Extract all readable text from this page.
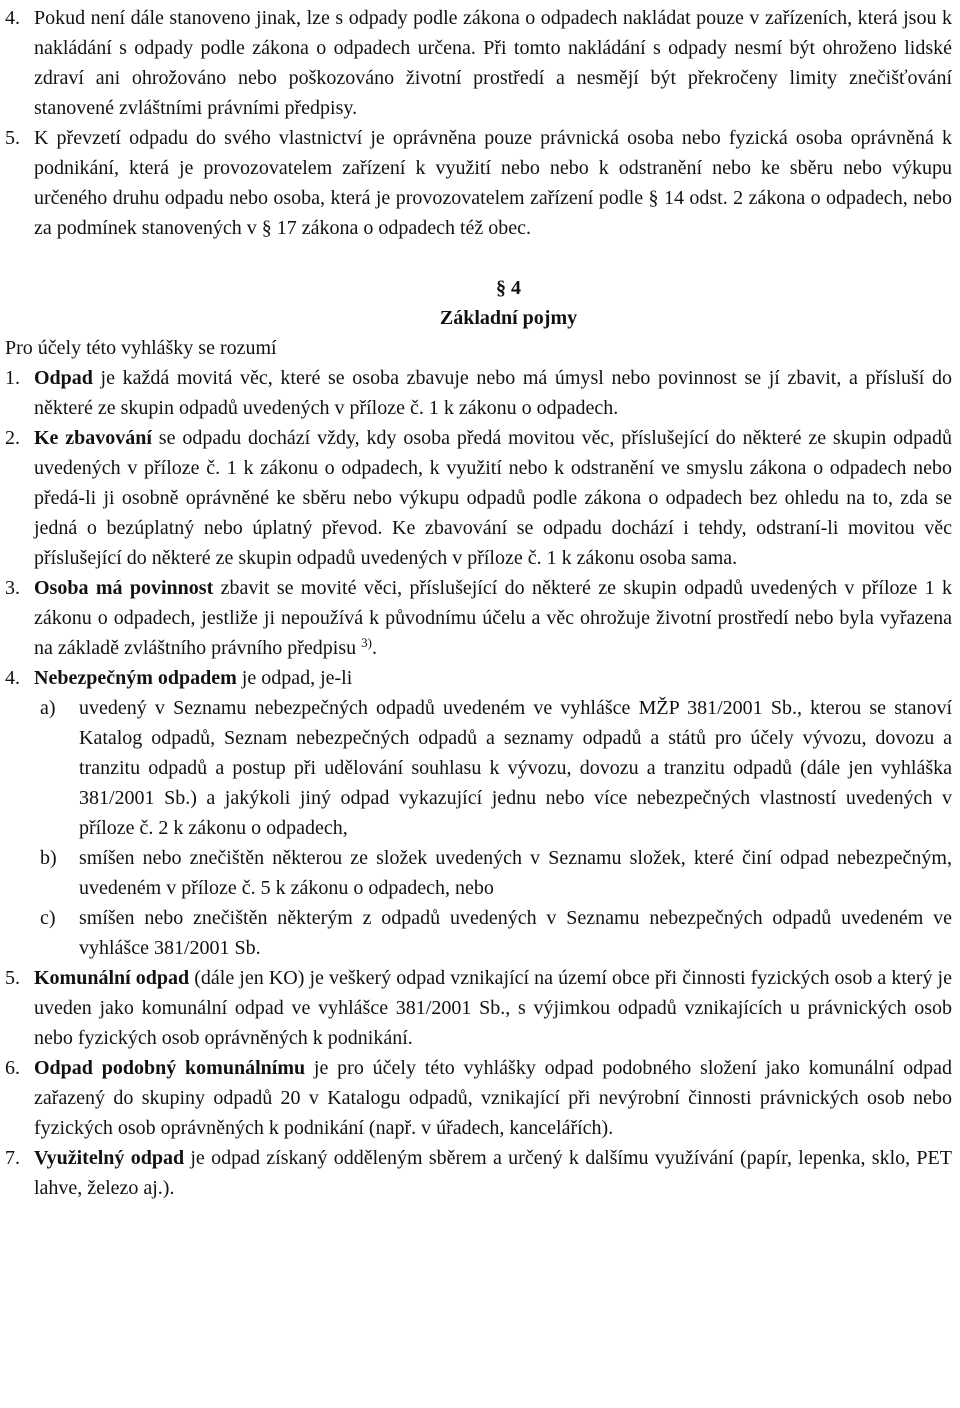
4. Pokud není dále stanoveno jinak, lze s odpady podle zákona o odpadech nakládat pouze v zařízeních, která jsou k nakládání s odpady podle zákona o odpadech určena. Při tomto nakládání s odpady nesmí být ohroženo lidské zdraví ani ohrožováno nebo poškozováno životní prostředí a nesmějí být překročeny limity znečišťování stanovené zvláštními právními předpisy.
5. K převzetí odpadu do svého vlastnictví je oprávněna pouze právnická osoba nebo fyzická osoba oprávněná k podnikání, která je provozovatelem zařízení k využití nebo nebo k odstranění nebo ke sběru nebo výkupu určeného druhu odpadu nebo osoba, která je provozovatelem zařízení podle § 14 odst. 2 zákona o odpadech, nebo za podmínek stanovených v § 17 zákona o odpadech též obec.
§ 4
Základní pojmy
Pro účely této vyhlášky se rozumí
1. Odpad je každá movitá věc, které se osoba zbavuje nebo má úmysl nebo povinnost se jí zbavit, a přísluší do některé ze skupin odpadů uvedených v příloze č. 1 k zákonu o odpadech.
2. Ke zbavování se odpadu dochází vždy, kdy osoba předá movitou věc, příslušející do některé ze skupin odpadů uvedených v příloze č. 1 k zákonu o odpadech, k využití nebo k odstranění ve smyslu zákona o odpadech nebo předá-li ji osobně oprávněné ke sběru nebo výkupu odpadů podle zákona o odpadech bez ohledu na to, zda se jedná o bezúplatný nebo úplatný převod. Ke zbavování se odpadu dochází i tehdy, odstraní-li movitou věc příslušející do některé ze skupin odpadů uvedených v příloze č. 1 k zákonu osoba sama.
3. Osoba má povinnost zbavit se movité věci, příslušející do některé ze skupin odpadů uvedených v příloze 1 k zákonu o odpadech, jestliže ji nepoužívá k původnímu účelu a věc ohrožuje životní prostředí nebo byla vyřazena na základě zvláštního právního předpisu $^{3)}$.
4. Nebezpečným odpadem je odpad, je-li
a) uvedený v Seznamu nebezpečných odpadů uvedeném ve vyhlášce MŽP 381/2001 Sb., kterou se stanoví Katalog odpadů, Seznam nebezpečných odpadů a seznamy odpadů a států pro účely vývozu, dovozu a tranzitu odpadů a postup při udělování souhlasu k vývozu, dovozu a tranzitu odpadů (dále jen vyhláška 381/2001 Sb.) a jakýkoli jiný odpad vykazující jednu nebo více nebezpečných vlastností uvedených v příloze č. 2 k zákonu o odpadech,
b) smíšen nebo znečištěn některou ze složek uvedených v Seznamu složek, které činí odpad nebezpečným, uvedeném v příloze č. 5 k zákonu o odpadech, nebo
c) smíšen nebo znečištěn některým z odpadů uvedených v Seznamu nebezpečných odpadů uvedeném ve vyhlášce 381/2001 Sb.
5. Komunální odpad (dále jen KO) je veškerý odpad vznikající na území obce při činnosti fyzických osob a který je uveden jako komunální odpad ve vyhlášce 381/2001 Sb., s výjimkou odpadů vznikajících u právnických osob nebo fyzických osob oprávněných k podnikání.
6. Odpad podobný komunálnímu je pro účely této vyhlášky odpad podobného složení jako komunální odpad zařazený do skupiny odpadů 20 v Katalogu odpadů, vznikající při nevýrobní činnosti právnických osob nebo fyzických osob oprávněných k podnikání (např. v úřadech, kancelářích).
7. Využitelný odpad je odpad získaný odděleným sběrem a určený k dalšímu využívání (papír, lepenka, sklo, PET lahve, železo aj.).
